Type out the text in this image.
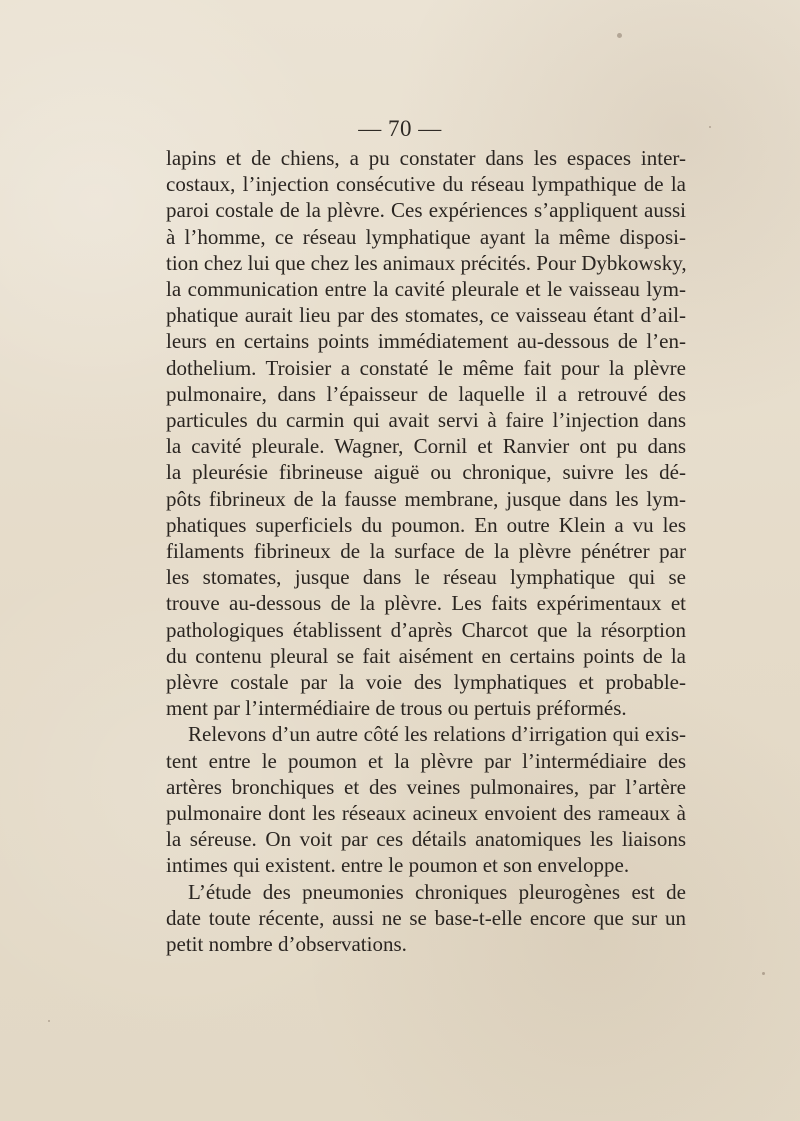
— 70 —
lapins et de chiens, a pu constater dans les espaces inter-
costaux, l’injection consécutive du réseau lympathique de la
paroi costale de la plèvre. Ces expériences s’appliquent aussi
à l’homme, ce réseau lymphatique ayant la même disposi-
tion chez lui que chez les animaux précités. Pour Dybkowsky,
la communication entre la cavité pleurale et le vaisseau lym-
phatique aurait lieu par des stomates, ce vaisseau étant d’ail-
leurs en certains points immédiatement au-dessous de l’en-
dothelium. Troisier a constaté le même fait pour la plèvre
pulmonaire, dans l’épaisseur de laquelle il a retrouvé des
particules du carmin qui avait servi à faire l’injection dans
la cavité pleurale. Wagner, Cornil et Ranvier ont pu dans
la pleurésie fibrineuse aiguë ou chronique, suivre les dé-
pôts fibrineux de la fausse membrane, jusque dans les lym-
phatiques superficiels du poumon. En outre Klein a vu les
filaments fibrineux de la surface de la plèvre pénétrer par
les stomates, jusque dans le réseau lymphatique qui se
trouve au-dessous de la plèvre. Les faits expérimentaux et
pathologiques établissent d’après Charcot que la résorption
du contenu pleural se fait aisément en certains points de la
plèvre costale par la voie des lymphatiques et probable-
ment par l’intermédiaire de trous ou pertuis préformés.
Relevons d’un autre côté les relations d’irrigation qui exis-
tent entre le poumon et la plèvre par l’intermédiaire des
artères bronchiques et des veines pulmonaires, par l’artère
pulmonaire dont les réseaux acineux envoient des rameaux à
la séreuse. On voit par ces détails anatomiques les liaisons
intimes qui existent. entre le poumon et son enveloppe.
L’étude des pneumonies chroniques pleurogènes est de
date toute récente, aussi ne se base-t-elle encore que sur un
petit nombre d’observations.
